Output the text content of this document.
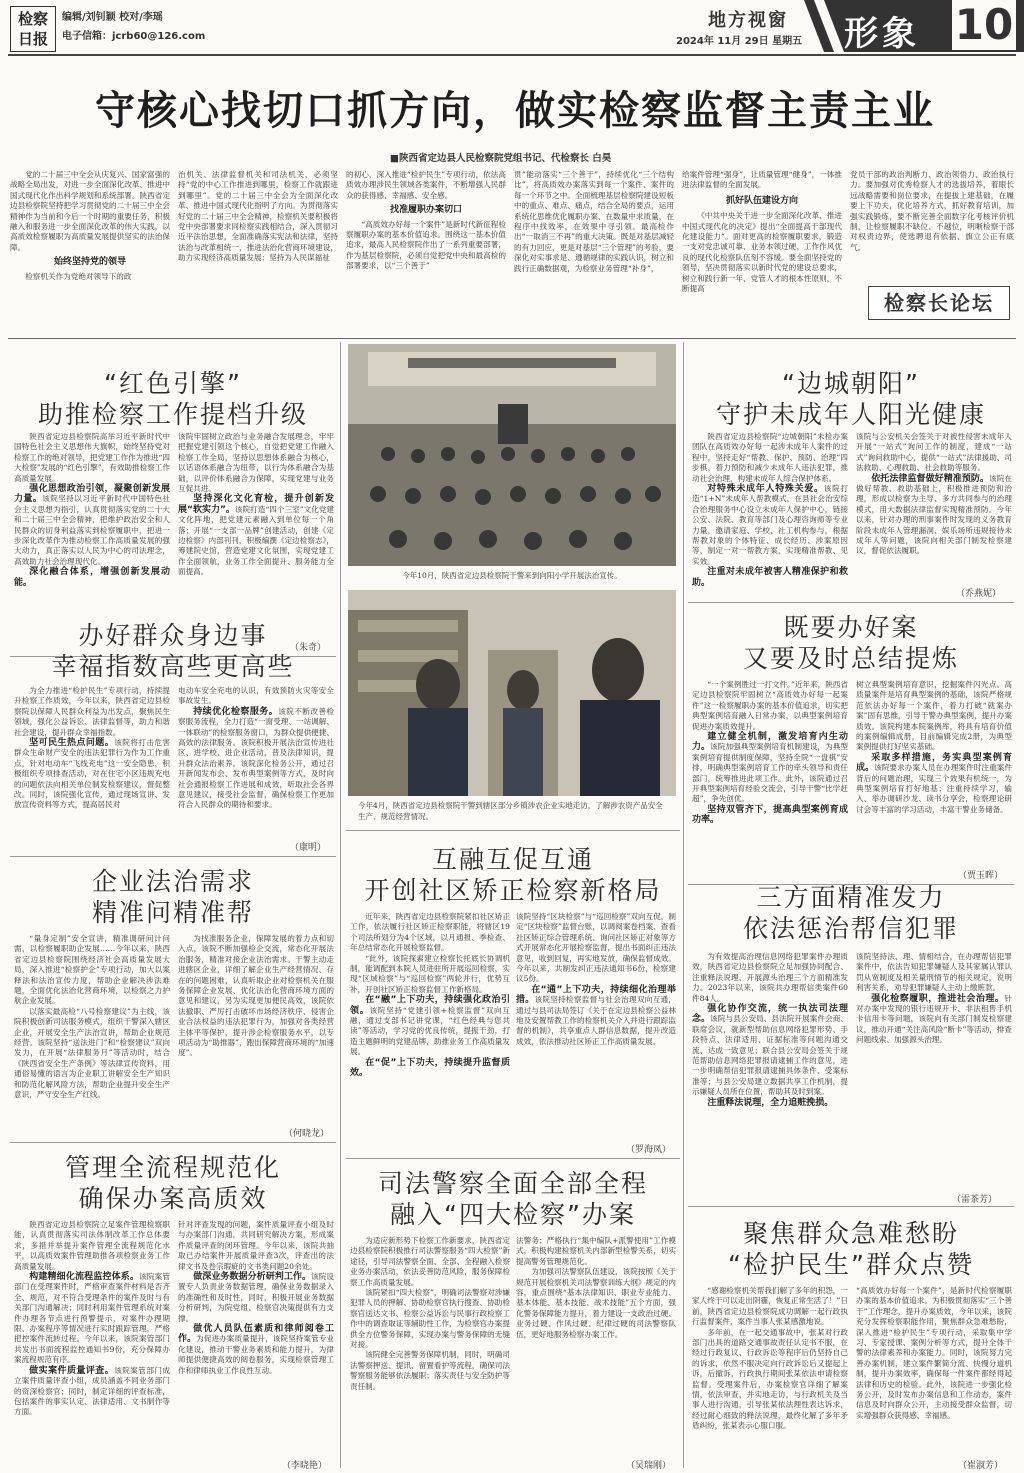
检察日报
编辑/刘钊颖 校对/李瑶
电子信箱：jcrb60@126.com
地方视窗
2024年 11月 29日 星期五 形象 10
守核心找切口抓方向，做实检察监督主责主业
■陕西省定边县人民检察院党组书记、代检察长 白昊

党的二十届三中全会从庆复兴、国家富强的战略全局出发，对进一步全面深化改革、推进中国式现代化作出科学规划和系统部署。陕西省定边县检察院坚持把学习贯彻党的二十届三中全会精神作为当前和今后一个时期的重要任务，积极融入和服务进一步全面深化改革的伟大实践，以高质效检察履职为高质量发展提供坚实的法治保障。

始终坚持党的领导

检察机关作为党绝对领导下的政

治机关、法律监督机关和司法机关，必须坚持“党的中心工作推进到哪里，检察工作就跟进到哪里”。党的二十届三中全会为全面深化改革、推进中国式现代化指明了方向。为贯彻落实好党的二十届三中全会精神，检察机关要积极将党中央部署要求同检察实践相结合，深入贯彻习近平法治思想，全面准确落实宪法和法律，坚持法治与改革相统一，推进法治化营商环境建设，助力实现经济高质量发展；坚持为人民谋福祉

的初心，深入推进“检护民生”专项行动，依法高质效办理涉民生领域各类案件，不断增强人民群众的获得感、幸福感、安全感。

找准履职办案切口

“高质效办好每一个案件”是新时代新征程检察履职办案的基本价值追求。围绕这一基本价值追求，最高人民检察院作出了一系列重要部署，作为基层检察院，必须自觉把党中央和最高检的部署要求，以“三个善于”

贯”能动落实“三个善于”，持续优化“三个结构比”，将高质效办案落实到每一个案件、案件的每一个环节之中。全面梳理基层检察院建设短板中的重点、难点、痛点，结合全局的要点，运用系统化思维优化履职办案、在数量中求质量，在程序中找效率，在效果中寻引领。最高检作出“一取消三不再”的重大决策。既是对基层减轻的有力回应，更是对基层“三个管理”的考验，要深化对实事求是、遵循规律的实践认识，树立和践行正确数据观，为检察业务管理“补身”，

给案件管理“强身”，让质量管理“健身”，一体推进法律监督的全面发展。

抓好队伍建设方向

《中共中央关于进一步全面深化改革、推进中国式现代化的决定》提出“全面提高干部现代化建设能力”。面对更高的检察履职要求，锻造一支对党忠诚可靠、业务本领过硬、工作作风优良的现代化检察队伍刻不容缓。要全面坚持党的领导，坚决贯彻落实以新时代党的建设总要求，树立和践行新一年、党管人才的根本性原则，不断提高

党员干部的政治判断力、政治领悟力、政治执行力。要加强对优秀检察人才的选拔培养，着眼长远战略需要和岗位要求，在提拔上建基础，在履要上下功夫，优化培养方式，抓好教育培训，加强实践锻炼，要不断完善全面数字化考核评价机制，让检察履职不缺位、不越位，明晰检察干部对权责边界，使选聘退有依据、旗立公正有底气。

检察长论坛
“红色引擎”
助推检察工作提档升级

陕西省定边县检察院高举习近平新时代中国特色社会主义思想伟大旗帜，始终坚持党对检察工作的绝对领导，把党建工作作为推进“四大检察”发展的“红色引擎”，有效助推检察工作高质量发展。

强化思想政治引领，凝聚创新发展力量。该院坚持以习近平新时代中国特色社会主义思想为指引，认真贯彻落实党的二十大和二十届三中全会精神，把维护政治安全和人民群众的切身利益落实到检察履职中，把进一步深化改革作为推动检察工作高质量发展的强大动力，真正落实以人民为中心的司法理念，高效助力社会治理现代化。

深化融合体系，增强创新发展动能。

该院牢固树立政治与业务融合发展理念，牢牢把握党建引领这个核心，自觉把党建工作融入检察工作全局，坚持以思想体系融合为核心，以话语体系融合为纽带，以行为体系融合为基础，以评价体系融合为保障，实现党建与业务互促共进。

坚持深化文化育检，提升创新发展“软实力”。该院打造“四个三室”文化党建文化阵地，把党建元素融入到单位每一个角落；开展“一支部一品牌”创建活动，创建《定边检察》内部刊刊，积极编撰《定边检察志》，筹建院史馆，营造党建文化氛围，实现党建工作全面领航，业务工作全面提升、服务能力全面提高。

（朱奇）
办好群众身边事
幸福指数高些更高些

为全力推进“检护民生”专项行动，持续提升检察工作质效，今年以来，陕西省定边县检察院以保障人民群众利益为出发点，聚焦民生领域，强化公益诉讼、法律监督等，助力和谐社会建设，提升群众幸福指数。

坚可民生热点问题。该院将打击危害群众生命财产安全的违法犯罪行为作为工作重点，针对电动车“飞线充电”这一安全隐患，积极组织专项排查活动，对在住宅小区违规充电的问题依法向相关单位制发检察建议，督促整改。同时，该院强化宣传，通过现场宣讲、发放宣传资料等方式，提高居民对

电动车安全充电的认识，有效预防火灾等安全事故发生。

持续优化检察服务。该院不断改善检察服务流程，全力打造“一窗受理、一站调解、一体联动”的检察服务窗口，为群众提供便捷、高效的法律服务。该院积极开展法治宣传进社区、进学校、进企业活动，普及法律知识，提升群众法治素养。该院深化检务公开，通过召开新闻发布会、发布典型案例等方式，及时向社会通报检察工作进展和成效，听取社会各界意见建议，接受社会监督，确保检察工作更加符合人民群众的期待和要求。

（康明）
企业法治需求
精准问精准帮

“量身定制”安全宣讲，精准调研问计问需，以检察履职助企发展……今年以来，陕西省定边县检察院围绕经济社会高质量发展大局，深入推进“检察护企”专项行动，加大以案释法和法治宣传力度，帮助企业解决涉法难题，全面优化法治化营商环境，以检察之力护航企业发展。

以落实最高检“八号检察建议”为主线，该院积极创新司法服务模式，组织干警深入辖区企业，开展安全生产法治宣讲，帮助企业规范经营。该院坚持“送法进门”和“检察建议”双向发力，在开展“法律服务月”等活动时，结合《陕西省安全生产条例》等法律宣传资料，用通俗易懂的语言为企业职工讲解安全生产知识和防范化解风险方法，帮助企业提升安全生产意识，严守安全生产红线。

为找准服务企业，保障发展的着力点和切入点，该院不断加强检企交流，常态化开展法治服务，精准对接企业法治需求。干警主动走进辖区企业，详细了解企业生产经营情况、存在的问题困难，认真听取企业对检察机关在服务保障企业发展、优化法治化营商环境方面的意见和建议，另为实现更加便民高效，该院依法撤职、严厉打击破坏市场经济秩序、侵害企业合法权益的违法犯罪行为，加强对各类经营主体平等保护，提升涉企检察服务水平，以专项活动为“助推器”，跑出保障营商环境的“加速度”。

（何晓龙）
管理全流程规范化
确保办案高质效

陕西省定边县检察院立足案件管理检察职能，认真贯彻落实司法体制改革工作总体要求，多措并举提升案件管理全流程规范化水平，以高质效案件管理助推各项检察业务工作高质量发展。

构建精细化流程监控体系。该院案管部门在受理案件时，严格审查案件材料是否齐全、规范，对不符合受理条件的案件及时与有关部门沟通解决；同时利用案件管理系统对案件办理各节点进行预警提示，对案件办理期限、办案程序等情况进行实时跟踪管理，严格把控案件流转过程。今年以来，该院案管部门共发出书面流程监控通知书9份，充分保障办案流程规范有序。

做实案件质量评查。该院案管部门成立案件质量评查小组，成员涵盖不同业务部门的资深检察官；同时，制定详细的评查标准，包括案件的事实认定、法律适用、文书制作等方面。

针对评查发现的问题，案件质量评查小组及时与办案部门沟通，共同研究解决方案，形成案件质量评查的闭环管理。今年以来，该院共抽取已办结案件开展质量评查3次，评查出的法律文书及卷宗瑕疵的文书类问题20余处。

做深业务数据分析研判工作。该院设置专人负责业务数据管理，确保业务数据录入的准确性和及时性，同时，积极开展业务数据分析研判，为院党组、检察官决策提供有力支撑。

做优人员队伍素质和律师阅卷工作。为促进办案质量提升，该院坚持案管专业化建设，推动干警业务素质和能力提升，为律师提供便捷高效的阅卷服务，实现检察管理工作和律师执业工作良性互动。

（李晓艳）
今年10月，陕西省定边县检察院干警来到向阳小学开展法治宣传。
今年4月，陕西省定边县检察院干警到辖区部分乡镇涉农企业实地走访，了解涉农资产品安全生产、规范经营情况。
互融互促互通
开创社区矫正检察新格局

近年来，陕西省定边县检察院紧扣社区矫正工作，依法履行社区矫正检察职能，将辖区19个司法所划分为4个区域，以月通报、季检查、年总结常态化开展检察监督。

“此外，该院探索建立检察长托底长协调机制，能调配到本院人员进驻所开展巡回检察，实现“区域检察”与“巡回检察”两轮并行，优势互补，开创社区矫正检察监督工作新格局。

在“融”上下功夫，持续强化政治引领。该院坚持“党建引领+检察监督”双向互融，通过支部书记讲党课，“红色经典与您共读”等活动，学习党的优良传统，提振干劲，打造主题鲜明的党建品牌，助推业务工作高质量发展。

在“促”上下功夫，持续提升监督质效。

该院坚持“区块检察”与“巡回检察”双向互促，制定“区块检察”监督台账，以调阅案卷档案、查看社区矫正综合管理系统、询问社区矫正对象等方式开展常态化开展检察监督，提出书面纠正违法意见，收到回复，再实地发放，确保监督成效。今年以来，共制发纠正违法通知书6份，检察建议5份。

在“通”上下功夫，持续细化治理举措。该院坚持检察监督与社会治理双向互通，通过与县司法局签订《关于在定边县检察公益林地及安置帮教工作的检察机关介入并进行跟踪监督的机制》，共享重点人群信息数据，提升改造成效，依法推动社区矫正工作高质量发展。

（罗海凤）
司法警察全面全部全程
融入“四大检察”办案

为适应新形势下检察工作新要求，陕西省定边县检察院积极推行司法警察服务“四大检察”新途径，引导司法警察全面、全部、全程融入检察业务办案活动，依法妥善防范风险，服务保障检察工作高质量发展。

该院紧扣“四大检察”，明确司法警察对涉嫌犯罪人员的押解、协助检察官执行搜查、协助检察官送达文书、检察公益诉讼与民事行政检察工作中的调查取证等辅助性工作，为检察官办案提供全方位警务保障，实现办案与警务保障的无缝对接。

该院健全完善警务保障机制，同时，明确司法警察押送、提讯、留置看护等流程，确保司法警察服务能够依法履职；落实责任与安全防护等责任制。

法警务；严格执行“集中编队+派警使用”工作模式，积极构建检察机关内部新型检警关系，切实提高警务管理规范化。

为加强司法警察队伍建设，该院按照《关于规范开展检察机关司法警察训练大纲》规定的内容，重点围绕“基本法律知识、职业专业能力、基本体能、基本技能、战术技能”五个方面，强化警务保障能力提升，着力建设一支政治过硬、业务过硬、作风过硬、纪律过硬的司法警察队伍，更好地服务检察办案工作。

（吴瑞刚）
“边城朝阳”
守护未成年人阳光健康

陕西省定边县检察院“边城朝阳”未检办案团队在高质效办好每一起涉未成年人案件的过程中，坚持走好“帮教、保护、预防、治理”四步棋，着力预防和减少未成年人违法犯罪，推动社会治理，构建未成年人综合保护体系。

对特殊未成年人特殊关爱。该院打造“1+N”未成年人帮教模式，在县社会治安综合治理服务中心设立未成年人保护中心，链接公安、法院、教育等部门及心理咨询师等专业力量，邀请家庭、学校、社工机构参与，根据帮教对象的个体特征、成长经历、涉案原因等，制定一对一帮教方案，实现精准帮教、见实效。

注重对未成年被害人精准保护和救助。

该院与公安机关会签关于对被性侵害未成年人开展“一站式”询问工作的制度，建成“一站式”询问救助中心，提供“一站式”法律援助、司法救助、心理救助、社会救助等服务。

依托法律监督做好精准预防。该院在做好帮教、救助基础上，积极推进预防和治理，形成以检察为主导、多方共同参与的治理模式，用大数据法律监督实现精准预防。今年以来，针对办理的刑事案件时发现的义务教育阶段未成年人管理漏洞、娱乐场所违规接待未成年人等问题，该院向相关部门制发检察建议，督促依法履职。

（乔燕妮）
既要办好案
又要及时总结提炼

“一个案例胜过一打文件。”近年来，陕西省定边县检察院牢固树立“高质效办好每一起案件”这一检察履职办案的基本价值追求，切实把典型案例培育融入日常办案，以典型案例培育促进办案质效提升。

建立健全机制，激发培育内生动力。该院加强典型案例培育机制建设，为典型案例培育提供制度保障，坚持全院“一盘棋”安排，明确典型案例培育工作的牵头领导和责任部门，统筹推进此项工作。此外，该院通过召开典型案例培育经验交流会，引导干警“比学赶超”，争先创优。

坚持双管齐下，提高典型案例育成功率。

树立典型案例培育意识，挖掘案件闪光点。高质量案件是培育典型案例的基础，该院严格规范依法办好每一个案件，着力打破“就案办案”固有思维，引导干警办典型案例，提升办案质效。该院构建本院案例库，将具有培育价值的案例编辑成册，目前编辑完成2册，为典型案例提供打好坚实基础。

采取多样措施，务实典型案例育成。该院要求办案人员在办理案件时注重案件背后的问题治理，实现三个效果有机统一，为典型案例培育打好地基；注重持续学习，输入、举办调研沙龙、读书分享会，检察理论研讨会等丰富的学习活动，丰富干警业务储备。

（贾玉晖）
三方面精准发力
依法惩治帮信犯罪

为有效提高治理信息网络犯罪案件办理质效，陕西省定边县检察院立足加强协同配合、注重释法说理、开展源头治理三个方面精准发力。2023年以来，该院共办理帮信类案件60件84人。

强化协作交流，统一执法司法理念。该院与县公安局、县法院开展案件会商、联席会议，就新型帮助信息网络犯罪形势、手段特点、法律适用、证据标准等问题沟通交流、达成一致意见；联合县公安局会签关于规范帮助信息网络犯罪报请逮捕工作的意见，进一步明确帮信犯罪报请逮捕具体条件、受案标准等；与县公安局建立数据共享工作机制，提示嫌疑人员所在位置，帮助其及时到案。

注重释法说理，全力追赃挽损。

该院坚持法、理、情相结合，在办理帮信犯罪案件中，依法告知犯罪嫌疑人及其家属认罪认罚从宽制度及相关量刑情节的相关规定，说明利害关系，劝导犯罪嫌疑人主动上缴赃款。

强化检察履职，推进社会治理。针对办案中发现的银行违规开卡、非法租售手机卡信用卡等问题，该院向有关部门制发检察建议，推动开通“关注高风险“断卡”等活动，排查问题线索、加强源头治理。

（雷茶芳）
聚焦群众急难愁盼
“检护民生”群众点赞

“感谢检察机关帮我们解了多年的积怨，一家人终于可以走出阴霾，恢复正常生活了！”日前，陕西省定边县检察院成功调解一起行政执行监督案件，案件当事人张某感激地说。

多年前，在一起交通事故中，张某对行政部门出具的道路交通事故责任认定书不服，在经过行政复议、行政诉讼等程序后仍坚持自己的诉求，依然不服决定向行政诉讼后又提起上诉，后撤诉，行政执行期间张某依法申请检察监督。受理案件后，办案检察官详细了解案情，依法审查，并实地走访，与行政机关及当事人进行沟通，引导张某依法理性表达诉求，经过耐心细致的释法说理，最终化解了多年矛盾纠纷，张某表示心服口服。

“高质效办好每一个案件”，是新时代检察履职办案的基本价值追求。为积极贯彻落实“三个善于”工作理念，提升办案质效，今年以来，该院充分发挥检察职能作用，聚焦群众急难愁盼，深入推进“检护民生”专项行动，采取集中学习、专家授课、案例分析等方式，提升全体干警的法律素养和办案能力。同时，该院努力完善办案机制，建立案件繁简分流、快慢分道机制，提升办案效率，确保每一件案件都经得起法律和历史的检验。此外，该院进一步强化检务公开，及时发布办案信息和工作动态，案件信息及时向群众公开，主动接受群众监督，切实增强群众获得感、幸福感。

（崔淑芳）
